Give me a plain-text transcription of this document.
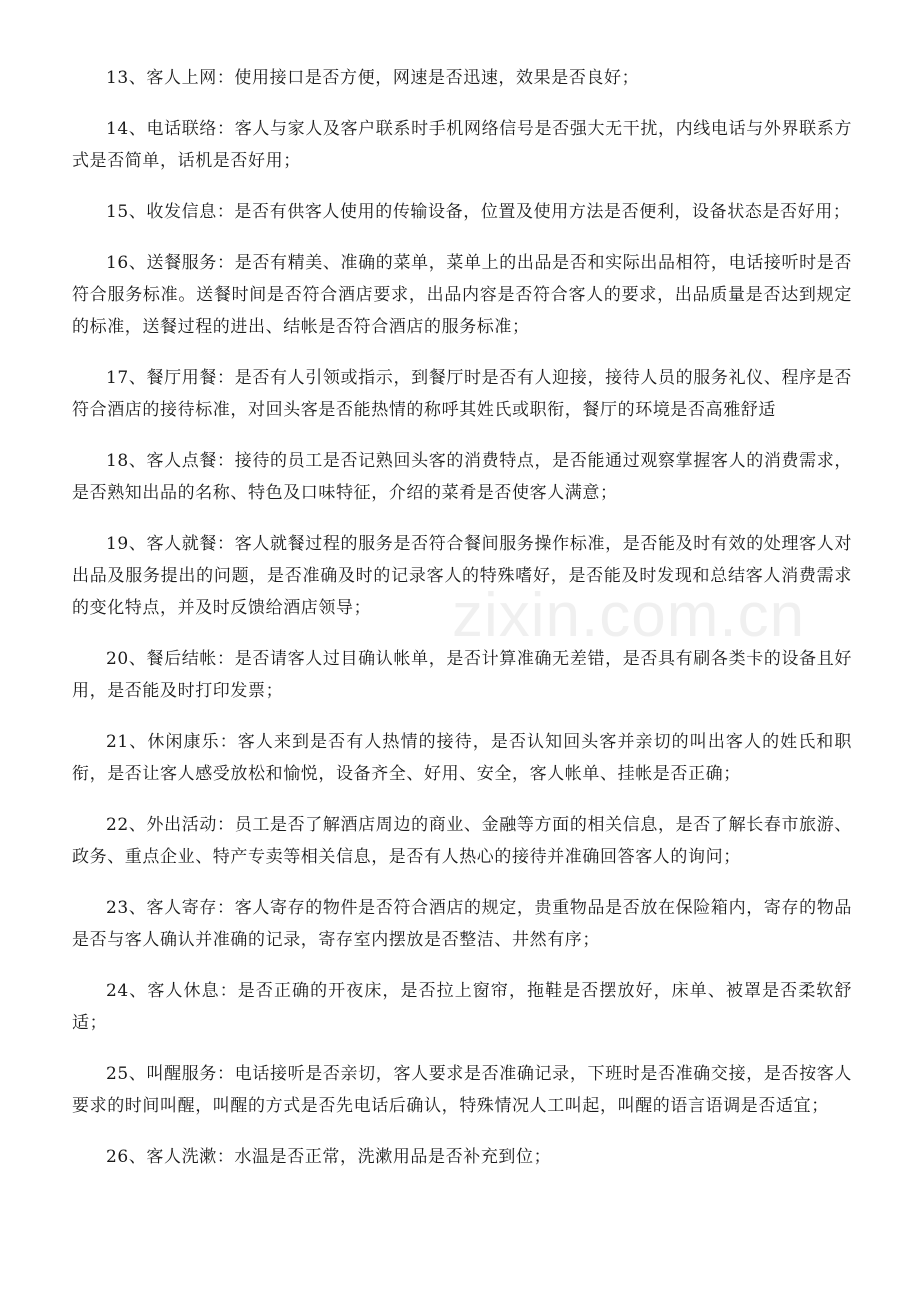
13、客人上网：使用接口是否方便，网速是否迅速，效果是否良好；

14、电话联络：客人与家人及客户联系时手机网络信号是否强大无干扰，内线电话与外界联系方式是否简单，话机是否好用；

15、收发信息：是否有供客人使用的传输设备，位置及使用方法是否便利，设备状态是否好用；

16、送餐服务：是否有精美、准确的菜单，菜单上的出品是否和实际出品相符，电话接听时是否符合服务标准。送餐时间是否符合酒店要求，出品内容是否符合客人的要求，出品质量是否达到规定的标准，送餐过程的进出、结帐是否符合酒店的服务标准；

17、餐厅用餐：是否有人引领或指示，到餐厅时是否有人迎接，接待人员的服务礼仪、程序是否符合酒店的接待标准，对回头客是否能热情的称呼其姓氏或职衔，餐厅的环境是否高雅舒适

18、客人点餐：接待的员工是否记熟回头客的消费特点，是否能通过观察掌握客人的消费需求，是否熟知出品的名称、特色及口味特征，介绍的菜肴是否使客人满意；

19、客人就餐：客人就餐过程的服务是否符合餐间服务操作标准，是否能及时有效的处理客人对出品及服务提出的问题，是否准确及时的记录客人的特殊嗜好，是否能及时发现和总结客人消费需求的变化特点，并及时反馈给酒店领导；

20、餐后结帐：是否请客人过目确认帐单，是否计算准确无差错，是否具有刷各类卡的设备且好用，是否能及时打印发票；

21、休闲康乐：客人来到是否有人热情的接待，是否认知回头客并亲切的叫出客人的姓氏和职衔，是否让客人感受放松和愉悦，设备齐全、好用、安全，客人帐单、挂帐是否正确；

22、外出活动：员工是否了解酒店周边的商业、金融等方面的相关信息，是否了解长春市旅游、政务、重点企业、特产专卖等相关信息，是否有人热心的接待并准确回答客人的询问；

23、客人寄存：客人寄存的物件是否符合酒店的规定，贵重物品是否放在保险箱内，寄存的物品是否与客人确认并准确的记录，寄存室内摆放是否整洁、井然有序；

24、客人休息：是否正确的开夜床，是否拉上窗帘，拖鞋是否摆放好，床单、被罩是否柔软舒适；

25、叫醒服务：电话接听是否亲切，客人要求是否准确记录，下班时是否准确交接，是否按客人要求的时间叫醒，叫醒的方式是否先电话后确认，特殊情况人工叫起，叫醒的语言语调是否适宜；

26、客人洗漱：水温是否正常，洗漱用品是否补充到位；

zixin.com.cn
